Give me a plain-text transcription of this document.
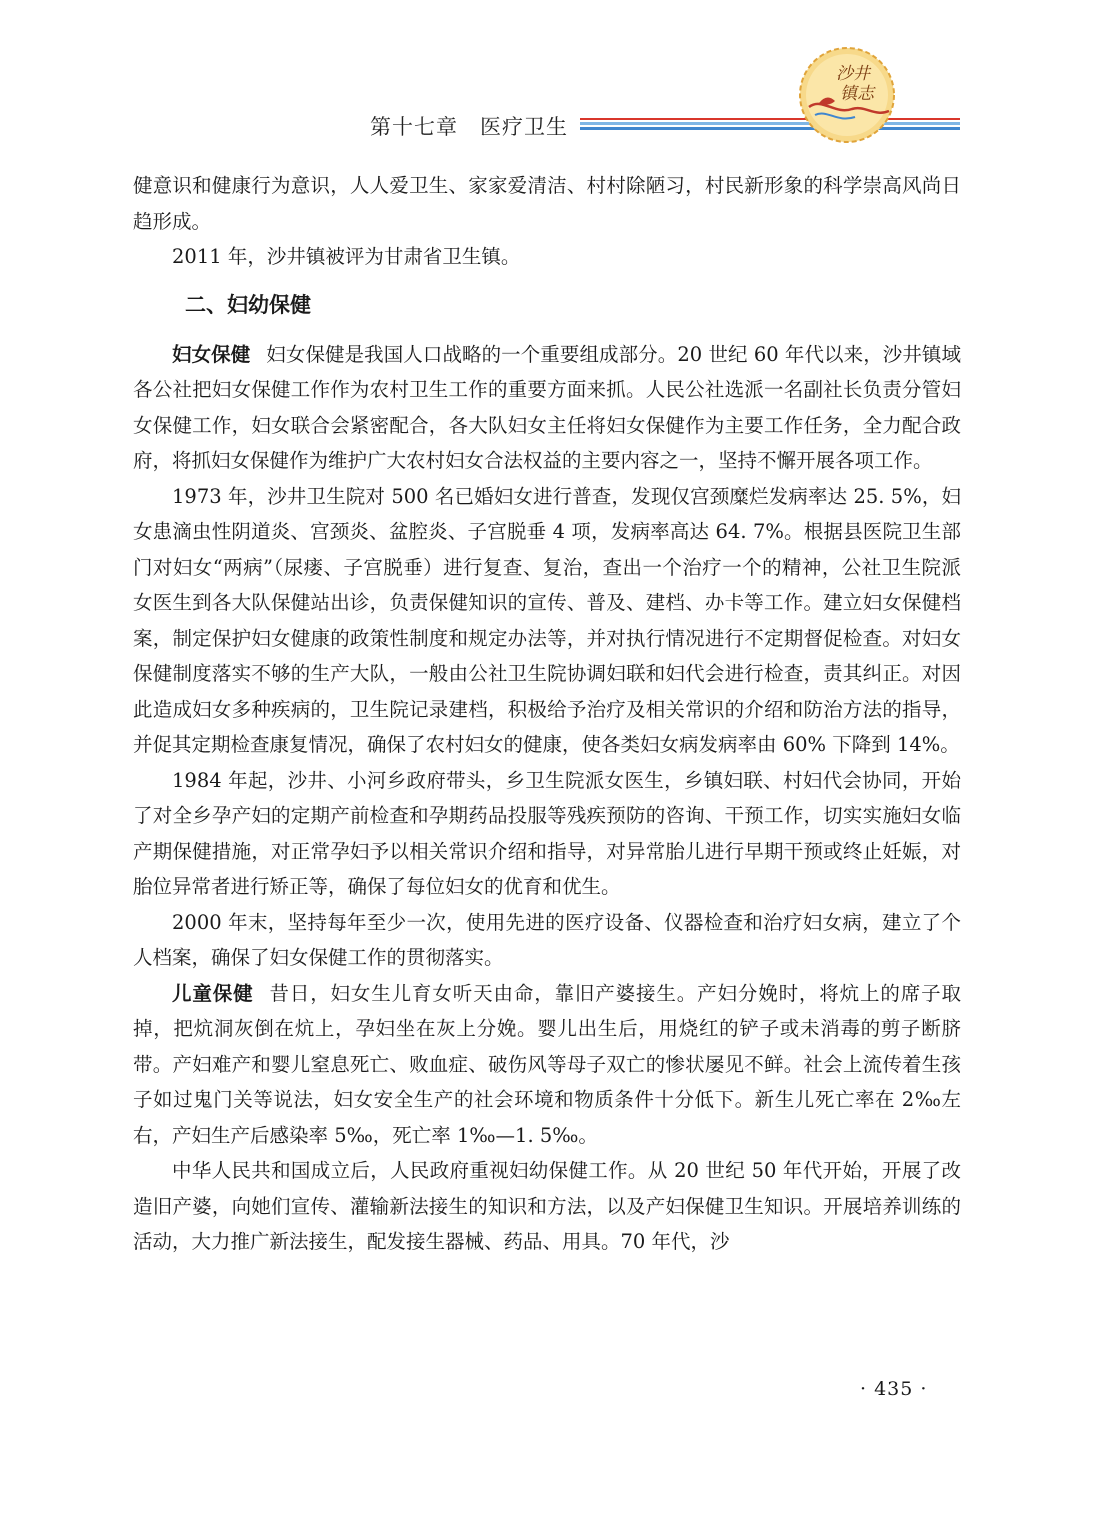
第十七章　医疗卫生
沙井
镇志

健意识和健康行为意识，人人爱卫生、家家爱清洁、村村除陋习，村民新形象的科学崇高风尚日趋形成。

2011 年，沙井镇被评为甘肃省卫生镇。

二、妇幼保健

妇女保健 妇女保健是我国人口战略的一个重要组成部分。20 世纪 60 年代以来，沙井镇域各公社把妇女保健工作作为农村卫生工作的重要方面来抓。人民公社选派一名副社长负责分管妇女保健工作，妇女联合会紧密配合，各大队妇女主任将妇女保健作为主要工作任务，全力配合政府，将抓妇女保健作为维护广大农村妇女合法权益的主要内容之一，坚持不懈开展各项工作。

1973 年，沙井卫生院对 500 名已婚妇女进行普查，发现仅宫颈糜烂发病率达 25. 5%，妇女患滴虫性阴道炎、宫颈炎、盆腔炎、子宫脱垂 4 项，发病率高达 64. 7%。根据县医院卫生部门对妇女“两病”（尿瘘、子宫脱垂）进行复查、复治，查出一个治疗一个的精神，公社卫生院派女医生到各大队保健站出诊，负责保健知识的宣传、普及、建档、办卡等工作。建立妇女保健档案，制定保护妇女健康的政策性制度和规定办法等，并对执行情况进行不定期督促检查。对妇女保健制度落实不够的生产大队，一般由公社卫生院协调妇联和妇代会进行检查，责其纠正。对因此造成妇女多种疾病的，卫生院记录建档，积极给予治疗及相关常识的介绍和防治方法的指导，并促其定期检查康复情况，确保了农村妇女的健康，使各类妇女病发病率由 60% 下降到 14%。

1984 年起，沙井、小河乡政府带头，乡卫生院派女医生，乡镇妇联、村妇代会协同，开始了对全乡孕产妇的定期产前检查和孕期药品投服等残疾预防的咨询、干预工作，切实实施妇女临产期保健措施，对正常孕妇予以相关常识介绍和指导，对异常胎儿进行早期干预或终止妊娠，对胎位异常者进行矫正等，确保了每位妇女的优育和优生。

2000 年末，坚持每年至少一次，使用先进的医疗设备、仪器检查和治疗妇女病，建立了个人档案，确保了妇女保健工作的贯彻落实。

儿童保健 昔日，妇女生儿育女听天由命，靠旧产婆接生。产妇分娩时，将炕上的席子取掉，把炕洞灰倒在炕上，孕妇坐在灰上分娩。婴儿出生后，用烧红的铲子或未消毒的剪子断脐带。产妇难产和婴儿窒息死亡、败血症、破伤风等母子双亡的惨状屡见不鲜。社会上流传着生孩子如过鬼门关等说法，妇女安全生产的社会环境和物质条件十分低下。新生儿死亡率在 2‰左右，产妇生产后感染率 5‰，死亡率 1‰—1. 5‰。

中华人民共和国成立后，人民政府重视妇幼保健工作。从 20 世纪 50 年代开始，开展了改造旧产婆，向她们宣传、灌输新法接生的知识和方法，以及产妇保健卫生知识。开展培养训练的活动，大力推广新法接生，配发接生器械、药品、用具。70 年代，沙

· 435 ·
